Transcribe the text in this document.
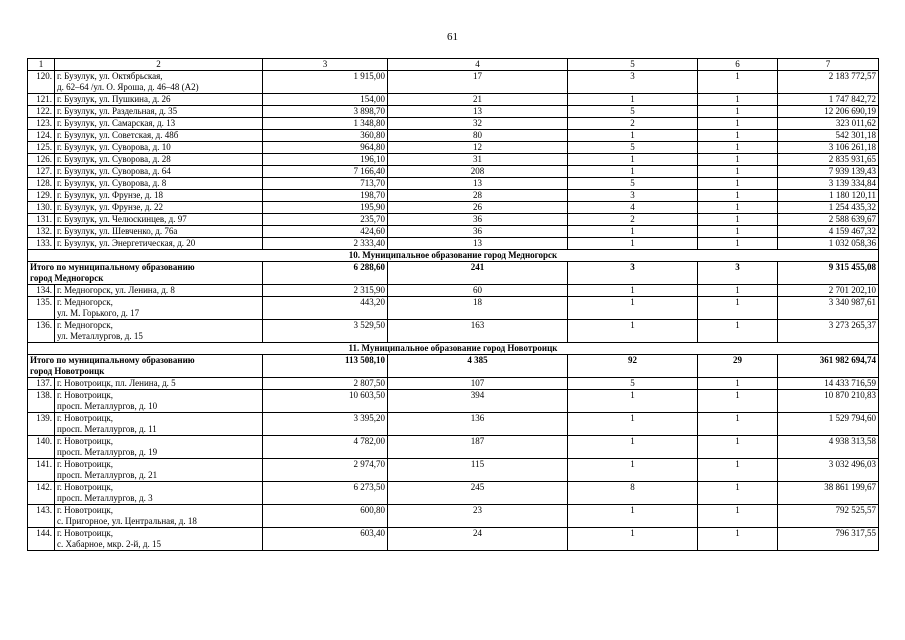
61
1	2	3	4	5	6	7
120.	г. Бузулук, ул. Октябрьская,
д. 62–64 /ул. О. Яроша, д. 46–48 (А2)	1 915,00	17	3	1	2 183 772,57
121.	г. Бузулук, ул. Пушкина, д. 26	154,00	21	1	1	1 747 842,72
122.	г. Бузулук, ул. Раздельная, д. 35	3 898,70	13	5	1	12 206 690,19
123.	г. Бузулук, ул. Самарская, д. 13	1 348,80	32	2	1	323 011,62
124.	г. Бузулук, ул. Советская, д. 48б	360,80	80	1	1	542 301,18
125.	г. Бузулук, ул. Суворова, д. 10	964,80	12	5	1	3 106 261,18
126.	г. Бузулук, ул. Суворова, д. 28	196,10	31	1	1	2 835 931,65
127.	г. Бузулук, ул. Суворова, д. 64	7 166,40	208	1	1	7 939 139,43
128.	г. Бузулук, ул. Суворова, д. 8	713,70	13	5	1	3 139 334,84
129.	г. Бузулук, ул. Фрунзе, д. 18	198,70	28	3	1	1 180 120,11
130.	г. Бузулук, ул. Фрунзе, д. 22	195,90	26	4	1	1 254 435,32
131.	г. Бузулук, ул. Челюскинцев, д. 97	235,70	36	2	1	2 588 639,67
132.	г. Бузулук, ул. Шевченко, д. 76а	424,60	36	1	1	4 159 467,32
133.	г. Бузулук, ул. Энергетическая, д. 20	2 333,40	13	1	1	1 032 058,36
10. Муниципальное образование город Медногорск						

Итого по муниципальному образованию
город Медногорск		6 288,60	241	3	3	9 315 455,08
134.	г. Медногорск, ул. Ленина, д. 8	2 315,90	60	1	1	2 701 202,10
135.	г. Медногорск,
ул. М. Горького, д. 17	443,20	18	1	1	3 340 987,61
136.	г. Медногорск,
ул. Металлургов, д. 15	3 529,50	163	1	1	3 273 265,37
11. Муниципальное образование город Новотроицк						

Итого по муниципальному образованию
город Новотроицк		113 508,10	4 385	92	29	361 982 694,74
137.	г. Новотроицк, пл. Ленина, д. 5	2 807,50	107	5	1	14 433 716,59
138.	г. Новотроицк,
просп. Металлургов, д. 10	10 603,50	394	1	1	10 870 210,83
139.	г. Новотроицк,
просп. Металлургов, д. 11	3 395,20	136	1	1	1 529 794,60
140.	г. Новотроицк,
просп. Металлургов, д. 19	4 782,00	187	1	1	4 938 313,58
141.	г. Новотроицк,
просп. Металлургов, д. 21	2 974,70	115	1	1	3 032 496,03
142.	г. Новотроицк,
просп. Металлургов, д. 3	6 273,50	245	8	1	38 861 199,67
143.	г. Новотроицк,
с. Пригорное, ул. Центральная, д. 18	600,80	23	1	1	792 525,57
144.	г. Новотроицк,
с. Хабарное, мкр. 2-й, д. 15	603,40	24	1	1	796 317,55
